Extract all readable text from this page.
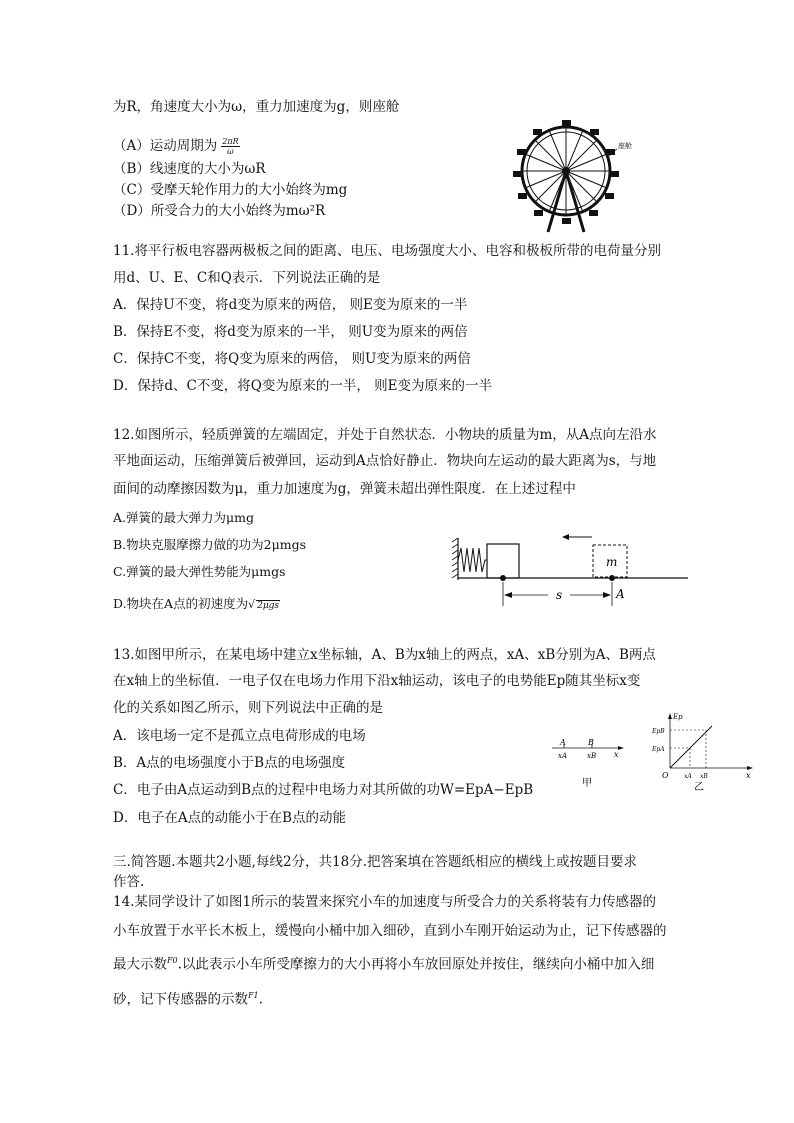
为R，角速度大小为ω，重力加速度为g，则座舱
（A）运动周期为 $\frac{2\pi R}{\omega}$
（B）线速度的大小为ωR
（C）受摩天轮作用力的大小始终为mg
（D）所受合力的大小始终为mω²R
座舱
11.将平行板电容器两极板之间的距离、电压、电场强度大小、电容和极板所带的电荷量分别
用d、U、E、C和Q表示．下列说法正确的是
A．保持U不变，将d变为原来的两倍， 则E变为原来的一半
B．保持E不变，将d变为原来的一半， 则U变为原来的两倍
C．保持C不变，将Q变为原来的两倍， 则U变为原来的两倍
D．保持d、C不变，将Q变为原来的一半， 则E变为原来的一半
12.如图所示，轻质弹簧的左端固定，并处于自然状态．小物块的质量为m，从A点向左沿水
平地面运动，压缩弹簧后被弹回，运动到A点恰好静止．物块向左运动的最大距离为s，与地
面间的动摩擦因数为μ，重力加速度为g，弹簧未超出弹性限度．在上述过程中
A.弹簧的最大弹力为μmg
B.物块克服摩擦力做的功为2μmgs
C.弹簧的最大弹性势能为μmgs
D.物块在A点的初速度为√ 2μgs
m
s	A
13.如图甲所示，在某电场中建立x坐标轴，A、B为x轴上的两点，xA、xB分别为A、B两点
在x轴上的坐标值．一电子仅在电场力作用下沿x轴运动，该电子的电势能Ep随其坐标x变
化的关系如图乙所示，则下列说法中正确的是
A．该电场一定不是孤立点电荷形成的电场
B．A点的电场强度小于B点的电场强度
C．电子由A点运动到B点的过程中电场力对其所做的功W=EpA−EpB
D．电子在A点的动能小于在B点的动能
A	B
xA	xB x
甲
Ep
EpB
EpA
O	xA xB	x
乙
三.简答题.本题共2小题,每线2分，共18分.把答案填在答题纸相应的横线上或按题目要求
作答.
14.某同学设计了如图1所示的装置来探究小车的加速度与所受合力的关系将装有力传感器的
小车放置于水平长木板上，缓慢向小桶中加入细砂，直到小车刚开始运动为止，记下传感器的
最大示数$^{F0}$.以此表示小车所受摩擦力的大小再将小车放回原处并按住，继续向小桶中加入细
砂，记下传感器的示数$^{F1}$.
